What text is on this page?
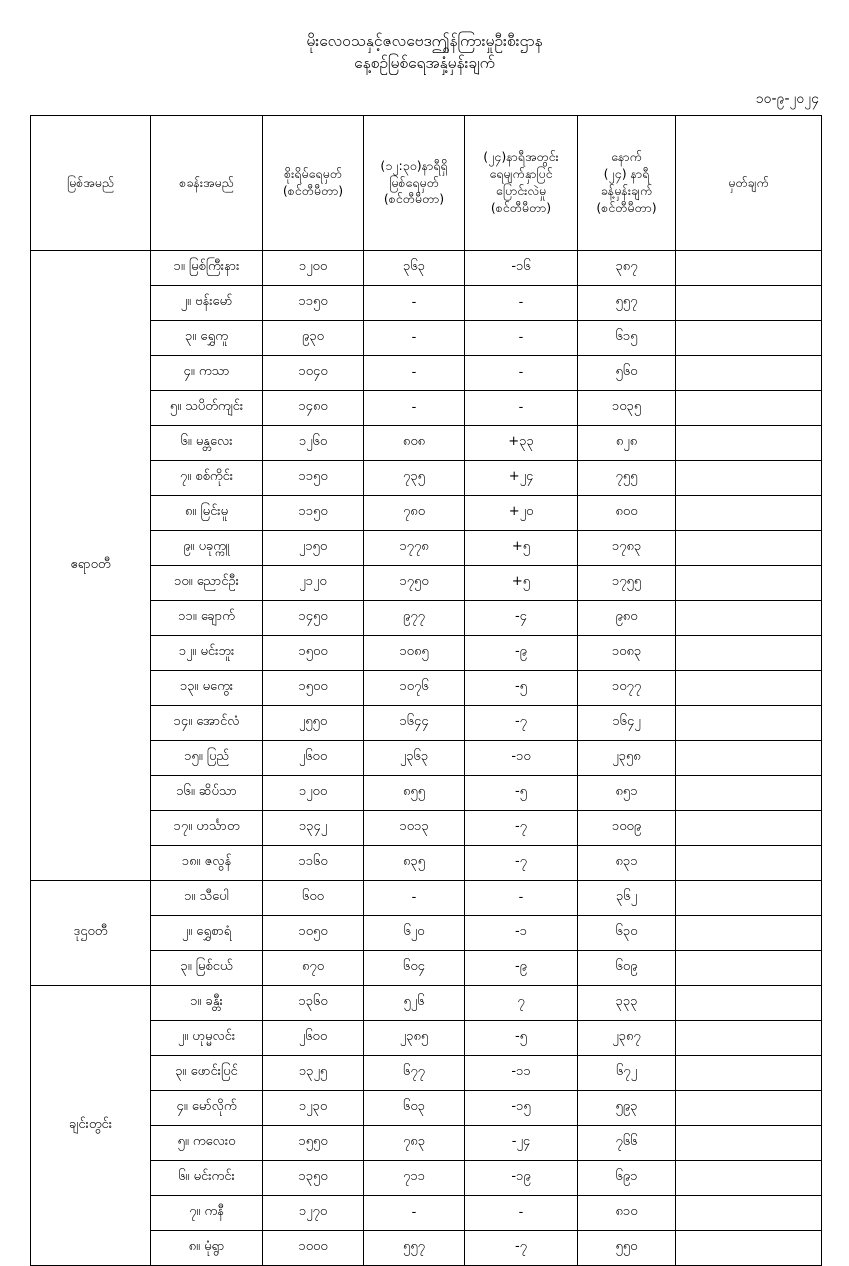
မိုးလေဝသနှင့်ဇလဗေဒဤွန်ကြားမှုဦးစီးဌာန
နေ့စဉ်မြစ်ရေအနှံ့မှန်းချက်
၁၀-၉-၂၀၂၄
မြစ်အမည်	စခန်းအမည်

စိုးရိမ်ရေမှတ်
(စင်တီမီတာ)

(၁၂:၃၀)နာရီရှိ
မြစ်ရေမှတ်
(စင်တီမီတာ)

(၂၄)နာရီအတွင်း
ရေမျက်နှာပြင်
ပြောင်းလဲမှု
(စင်တီမီတာ)

နောက်
(၂၄) နာရီ
ခန့်မှန်းချက်
(စင်တီမီတာ)

မှတ်ချက်

ဧရာဝတီ	၁။ မြစ်ကြီးနား	၁၂၀၀	၃၆၃	-၁၆	၃၈၇	
	၂။ ဗန်းမော်	၁၁၅၀	-	-	၅၅၇	
	၃။ ရွှေကူ	၉၃၀	-	-	၆၁၅	
	၄။ ကသာ	၁၀၄၀	-	-	၅၆၀	
	၅။ သပိတ်ကျင်း	၁၄၈၀	-	-	၁၀၃၅	
	၆။ မန္တလေး	၁၂၆၀	၈၀၈	+၃၃	၈၂၈	
	၇။ စစ်ကိုင်း	၁၁၅၀	၇၃၅	+၂၄	၇၅၅	
	၈။ မြင်းမူ	၁၁၅၀	၇၈၀	+၂၀	၈၀၀	
	၉။ ပခုက္ကူ	၂၁၅၀	၁၇၇၈	+၅	၁၇၈၃	
	၁၀။ ညောင်ဦး	၂၁၂၀	၁၇၅၀	+၅	၁၇၅၅	
	၁၁။ ချောက်	၁၄၅၀	၉၇၇	-၄	၉၈၀	
	၁၂။ မင်းဘူး	၁၅၀၀	၁၀၈၅	-၉	၁၀၈၃	
	၁၃။ မကွေး	၁၅၀၀	၁၀၇၆	-၅	၁၀၇၇	
	၁၄။ အောင်လံ	၂၅၅၀	၁၆၄၄	-၇	၁၆၄၂	
	၁၅။ ပြည်	၂၆၀၀	၂၃၆၃	-၁၀	၂၃၅၈	
	၁၆။ ဆိပ်သာ	၁၂၀၀	၈၅၅	-၅	၈၅၁	
	၁၇။ ဟင်္သာတ	၁၃၄၂	၁၀၁၃	-၇	၁၀၀၉	
	၁၈။ ဇလွန်	၁၁၆၀	၈၃၅	-၇	၈၃၁	
ဒုဌဝတီ	၁။ သီပေါ	၆၀၀	-	-	၃၆၂	
	၂။ ရွှေစာရံ	၁၀၅၀	၆၂၀	-၁	၆၃၀	
	၃။ မြစ်ငယ်	၈၇၀	၆၀၄	-၉	၆၀၉	
ချင်းတွင်း	၁။ ခန္တီး	၁၃၆၀	၅၂၆	၇	၃၃၃	
	၂။ ဟုမ္မလင်း	၂၆၀၀	၂၃၈၅	-၅	၂၃၈၇	
	၃။ ဖောင်းပြင်	၁၃၂၅	၆၇၇	-၁၁	၆၇၂	
	၄။ မော်လိုက်	၁၂၃၀	၆၀၃	-၁၅	၅၉၃	
	၅။ ကလေးဝ	၁၅၅၀	၇၈၃	-၂၄	၇၆၆	
	၆။ မင်းကင်း	၁၃၅၀	၇၁၁	-၁၉	၆၉၁	
	၇။ ကနီ	၁၂၇၀	-	-	၈၁၀	
	၈။ မုံရွာ	၁၀၀၀	၅၅၇	-၇	၅၅၀	
